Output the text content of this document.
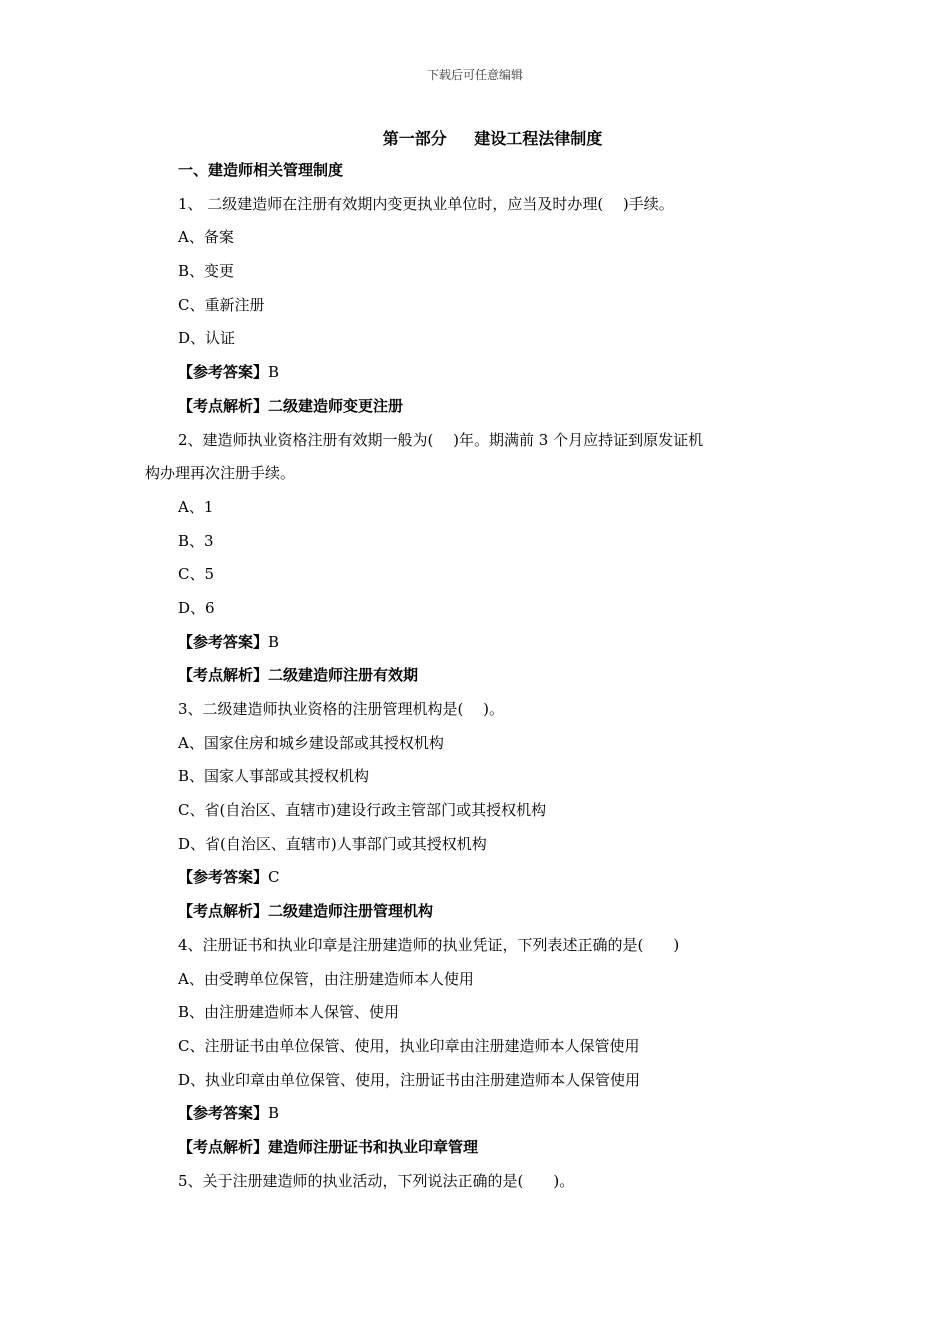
下载后可任意编辑
第一部分 建设工程法律制度
一、建造师相关管理制度
1、 二级建造师在注册有效期内变更执业单位时，应当及时办理(　 )手续。
A、备案
B、变更
C、重新注册
D、认证
【参考答案】B
【考点解析】二级建造师变更注册
2、建造师执业资格注册有效期一般为(　 )年。期满前 3 个月应持证到原发证机
构办理再次注册手续。
A、1
B、3
C、5
D、6
【参考答案】B
【考点解析】二级建造师注册有效期
3、二级建造师执业资格的注册管理机构是(　 )。
A、国家住房和城乡建设部或其授权机构
B、国家人事部或其授权机构
C、省(自治区、直辖市)建设行政主管部门或其授权机构
D、省(自治区、直辖市)人事部门或其授权机构
【参考答案】C
【考点解析】二级建造师注册管理机构
4、注册证书和执业印章是注册建造师的执业凭证，下列表述正确的是(　　)
A、由受聘单位保管，由注册建造师本人使用
B、由注册建造师本人保管、使用
C、注册证书由单位保管、使用，执业印章由注册建造师本人保管使用
D、执业印章由单位保管、使用，注册证书由注册建造师本人保管使用
【参考答案】B
【考点解析】建造师注册证书和执业印章管理
5、关于注册建造师的执业活动，下列说法正确的是(　　)。
